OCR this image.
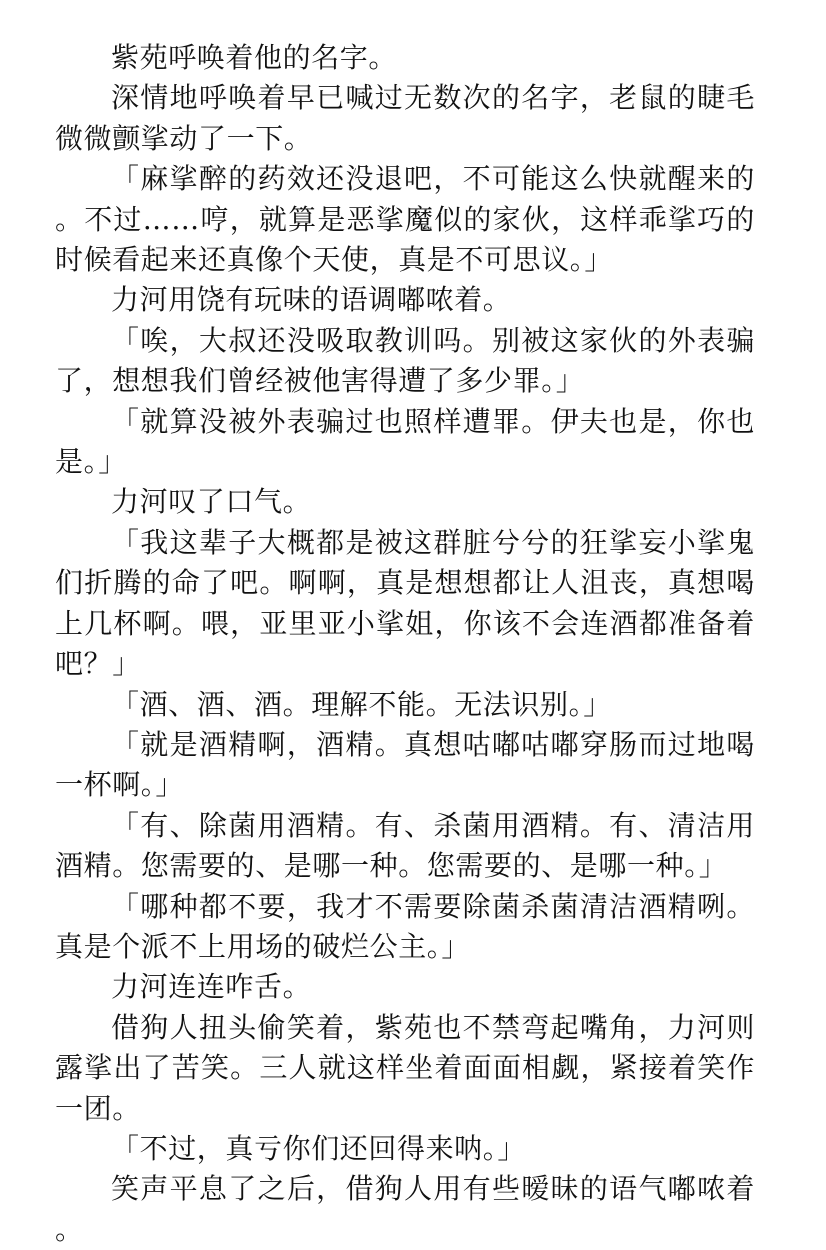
紫苑呼唤着他的名字。

深情地呼唤着早已喊过无数次的名字，老鼠的睫毛微微颤挲动了一下。

「麻挲醉的药效还没退吧，不可能这么快就醒来的。不过……哼，就算是恶挲魔似的家伙，这样乖挲巧的时候看起来还真像个天使，真是不可思议。」

力河用饶有玩味的语调嘟哝着。

「唉，大叔还没吸取教训吗。别被这家伙的外表骗了，想想我们曾经被他害得遭了多少罪。」

「就算没被外表骗过也照样遭罪。伊夫也是，你也是。」

力河叹了口气。

「我这辈子大概都是被这群脏兮兮的狂挲妄小挲鬼们折腾的命了吧。啊啊，真是想想都让人沮丧，真想喝上几杯啊。喂，亚里亚小挲姐，你该不会连酒都准备着吧？」

「酒、酒、酒。理解不能。无法识别。」

「就是酒精啊，酒精。真想咕嘟咕嘟穿肠而过地喝一杯啊。」

「有、除菌用酒精。有、杀菌用酒精。有、清洁用酒精。您需要的、是哪一种。您需要的、是哪一种。」

「哪种都不要，我才不需要除菌杀菌清洁酒精咧。真是个派不上用场的破烂公主。」

力河连连咋舌。

借狗人扭头偷笑着，紫苑也不禁弯起嘴角，力河则露挲出了苦笑。三人就这样坐着面面相觑，紧接着笑作一团。

「不过，真亏你们还回得来呐。」

笑声平息了之后，借狗人用有些暧昧的语气嘟哝着。
